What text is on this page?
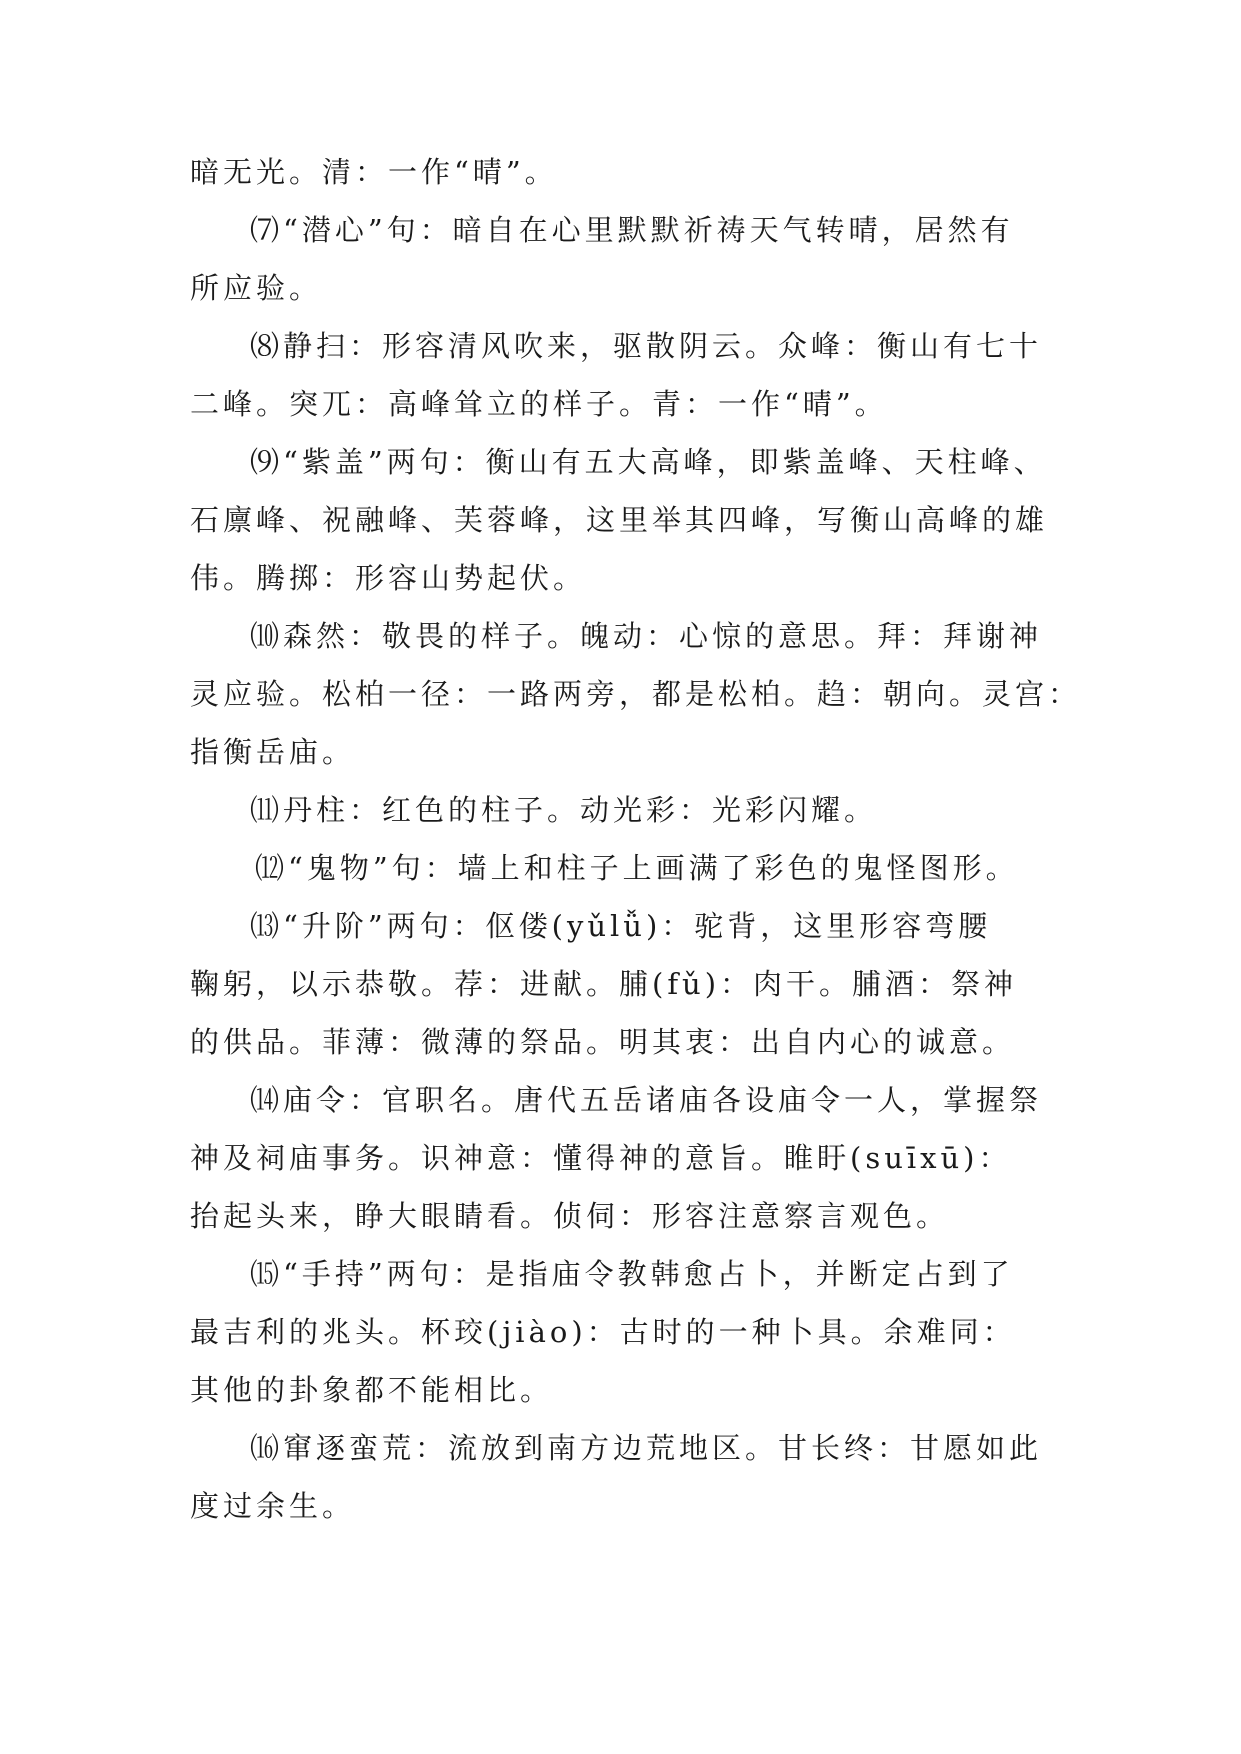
暗无光。清：一作“晴”。
⑺“潜心”句：暗自在心里默默祈祷天气转晴，居然有
所应验。
⑻静扫：形容清风吹来，驱散阴云。众峰：衡山有七十
二峰。突兀：高峰耸立的样子。青：一作“晴”。
⑼“紫盖”两句：衡山有五大高峰，即紫盖峰、天柱峰、
石廪峰、祝融峰、芙蓉峰，这里举其四峰，写衡山高峰的雄
伟。腾掷：形容山势起伏。
⑽森然：敬畏的样子。魄动：心惊的意思。拜：拜谢神
灵应验。松柏一径：一路两旁，都是松柏。趋：朝向。灵宫：
指衡岳庙。
⑾丹柱：红色的柱子。动光彩：光彩闪耀。
⑿“鬼物”句：墙上和柱子上画满了彩色的鬼怪图形。
⒀“升阶”两句：伛偻(yǔlǚ)：驼背，这里形容弯腰
鞠躬，以示恭敬。荐：进献。脯(fǔ)：肉干。脯酒：祭神
的供品。菲薄：微薄的祭品。明其衷：出自内心的诚意。
⒁庙令：官职名。唐代五岳诸庙各设庙令一人，掌握祭
神及祠庙事务。识神意：懂得神的意旨。睢盱(suīxū)：
抬起头来，睁大眼睛看。侦伺：形容注意察言观色。
⒂“手持”两句：是指庙令教韩愈占卜，并断定占到了
最吉利的兆头。杯珓(jiào)：古时的一种卜具。余难同：
其他的卦象都不能相比。
⒃窜逐蛮荒：流放到南方边荒地区。甘长终：甘愿如此
度过余生。
